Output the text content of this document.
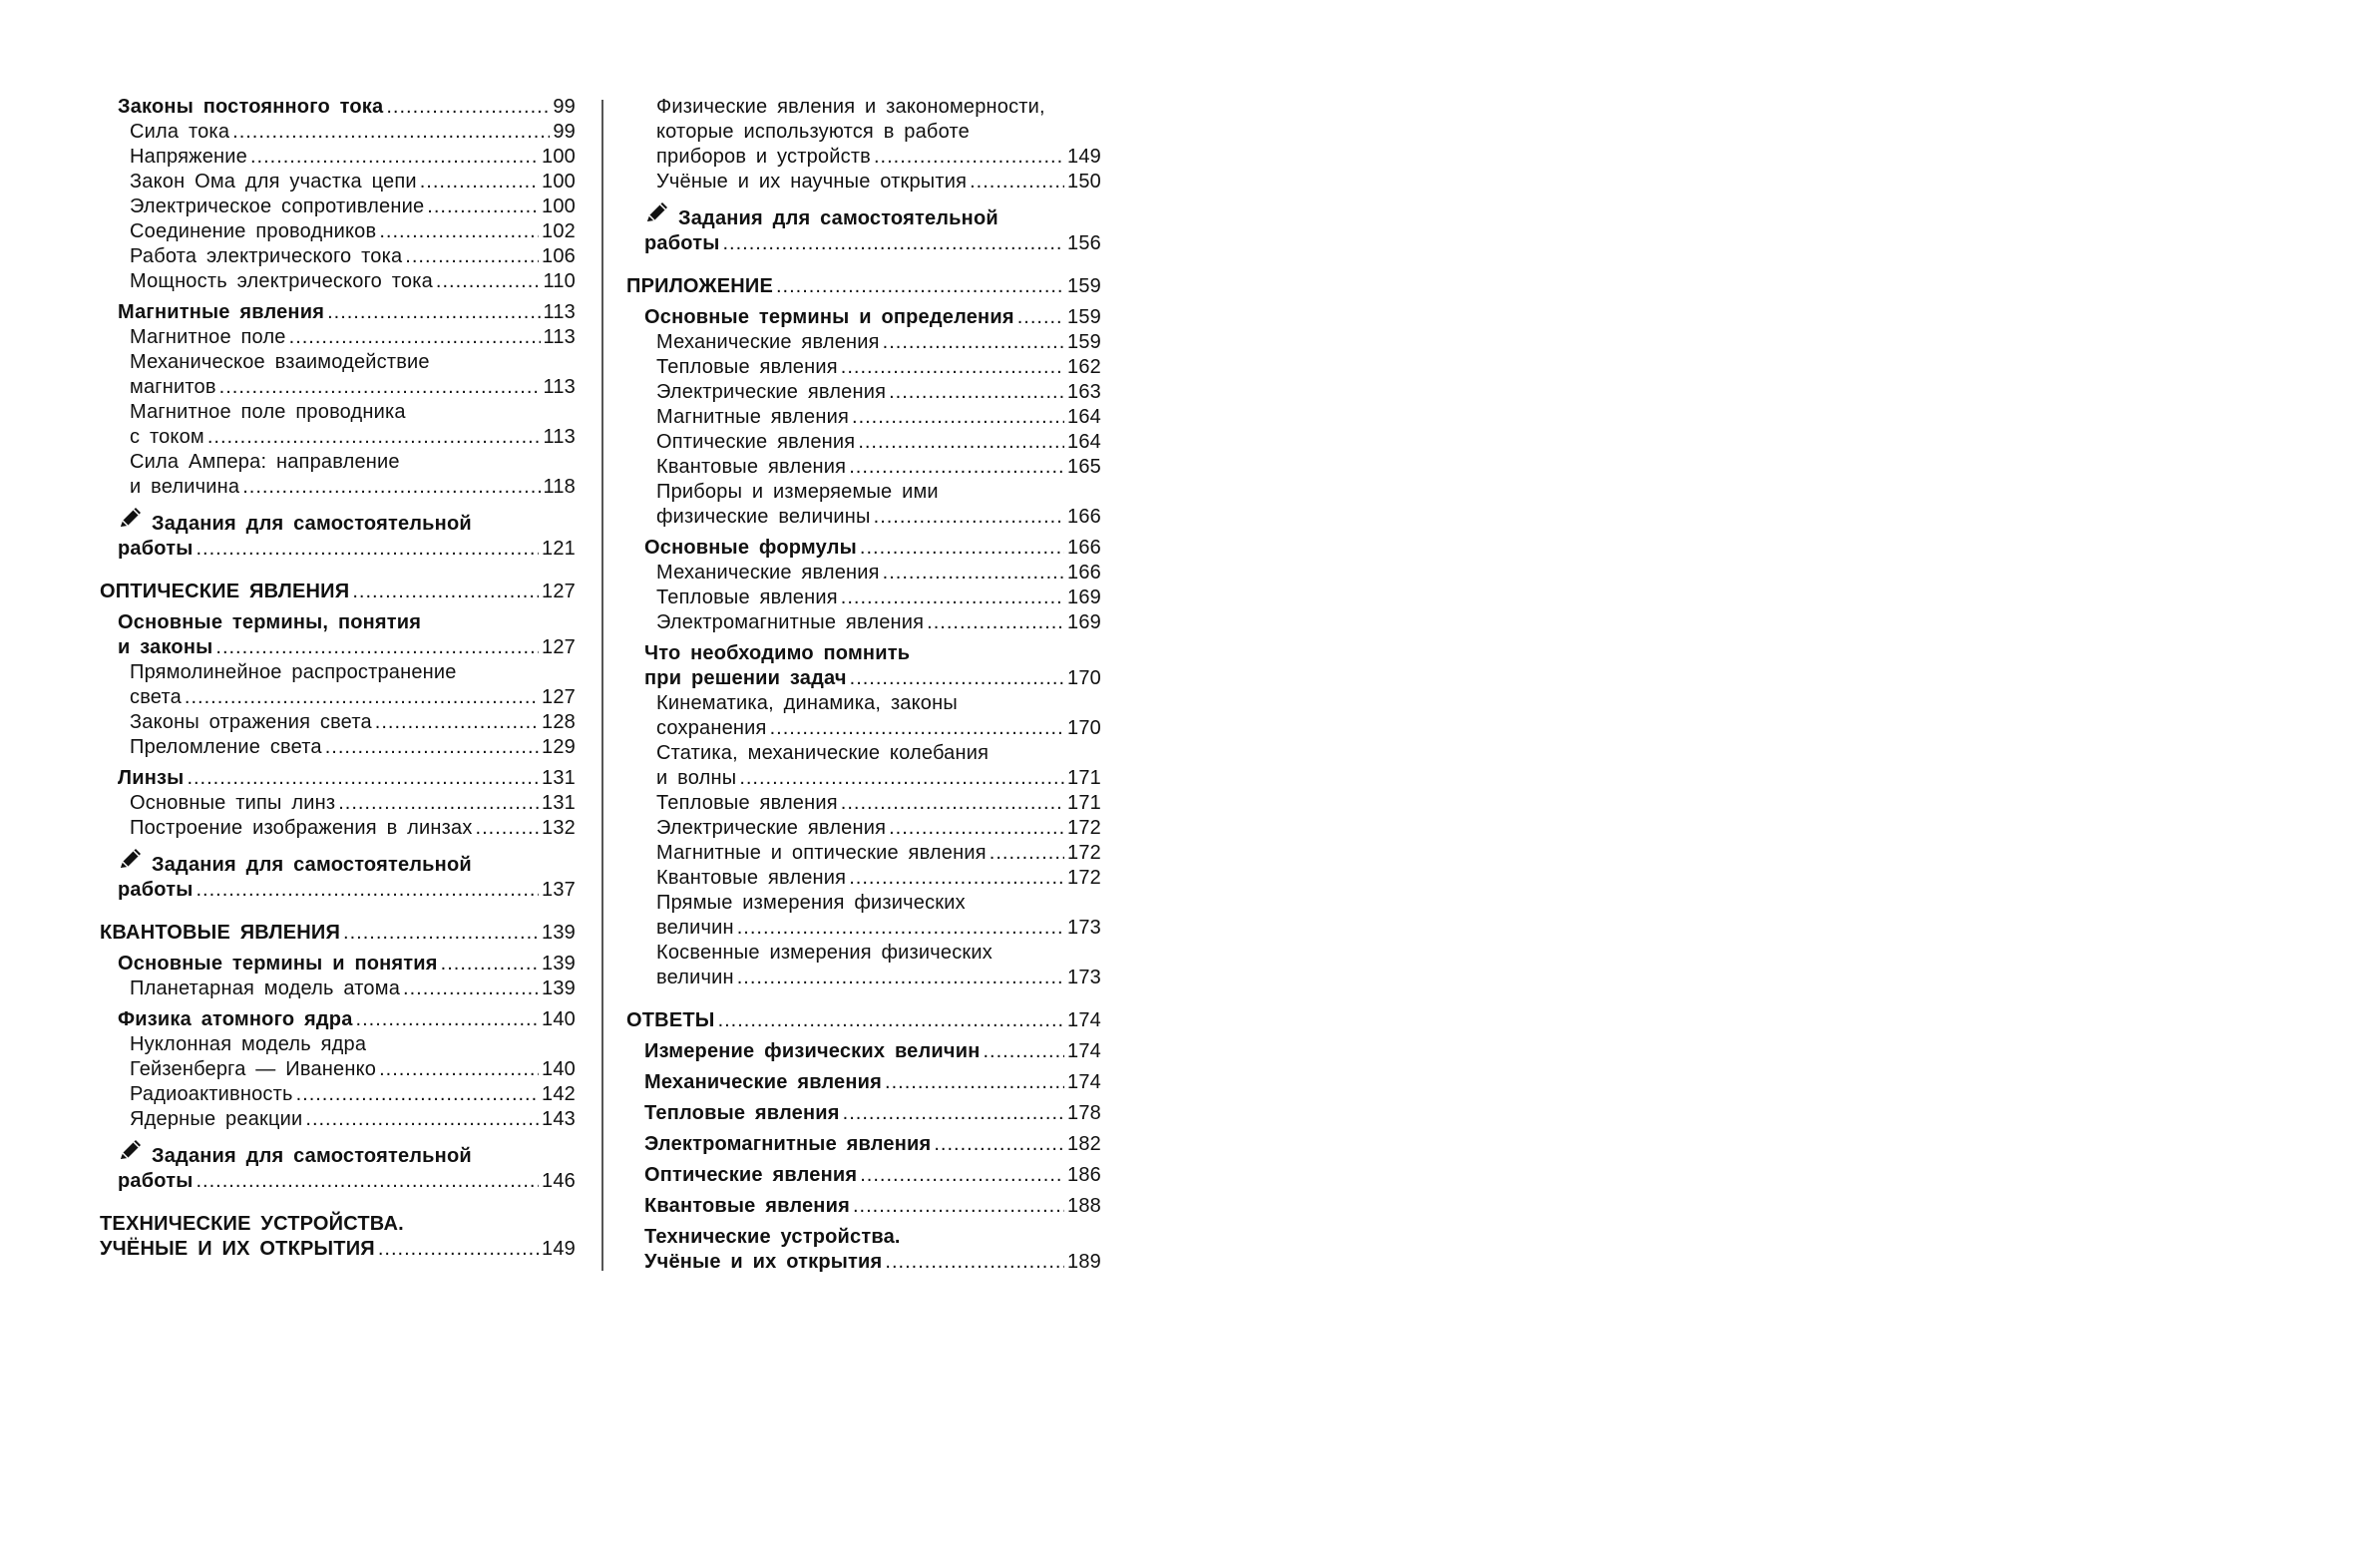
Законы постоянного тока .....	99
Сила тока .....	99
Напряжение .....	100
Закон Ома для участка цепи .....	100
Электрическое сопротивление .....	100
Соединение проводников .....	102
Работа электрического тока .....	106
Мощность электрического тока .....	110
Магнитные явления .....	113
Магнитное поле .....	113
Механическое взаимодействие
магнитов .....	113
Магнитное поле проводника
с током .....	113
Сила Ампера: направление
и величина .....	118
Задания для самостоятельной
работы .....	121
ОПТИЧЕСКИЕ ЯВЛЕНИЯ .....	127
Основные термины, понятия
и законы .....	127
Прямолинейное распространение
света .....	127
Законы отражения света .....	128
Преломление света .....	129
Линзы .....	131
Основные типы линз .....	131
Построение изображения в линзах .....	132
Задания для самостоятельной
работы .....	137
КВАНТОВЫЕ ЯВЛЕНИЯ .....	139
Основные термины и понятия .....	139
Планетарная модель атома .....	139
Физика атомного ядра .....	140
Нуклонная модель ядра
Гейзенберга — Иваненко .....	140
Радиоактивность .....	142
Ядерные реакции .....	143
Задания для самостоятельной
работы .....	146
ТЕХНИЧЕСКИЕ УСТРОЙСТВА.
УЧЁНЫЕ И ИХ ОТКРЫТИЯ .....	149
Физические явления и закономерности,
которые используются в работе
приборов и устройств .....	149
Учёные и их научные открытия .....	150
Задания для самостоятельной
работы .....	156
ПРИЛОЖЕНИЕ .....	159
Основные термины и определения .....	159
Механические явления .....	159
Тепловые явления .....	162
Электрические явления .....	163
Магнитные явления .....	164
Оптические явления .....	164
Квантовые явления .....	165
Приборы и измеряемые ими
физические величины .....	166
Основные формулы .....	166
Механические явления .....	166
Тепловые явления .....	169
Электромагнитные явления .....	169
Что необходимо помнить
при решении задач .....	170
Кинематика, динамика, законы
сохранения .....	170
Статика, механические колебания
и волны .....	171
Тепловые явления .....	171
Электрические явления .....	172
Магнитные и оптические явления .....	172
Квантовые явления .....	172
Прямые измерения физических
величин .....	173
Косвенные измерения физических
величин .....	173
ОТВЕТЫ .....	174
Измерение физических величин .....	174
Механические явления .....	174
Тепловые явления .....	178
Электромагнитные явления .....	182
Оптические явления .....	186
Квантовые явления .....	188
Технические устройства.
Учёные и их открытия .....	189
